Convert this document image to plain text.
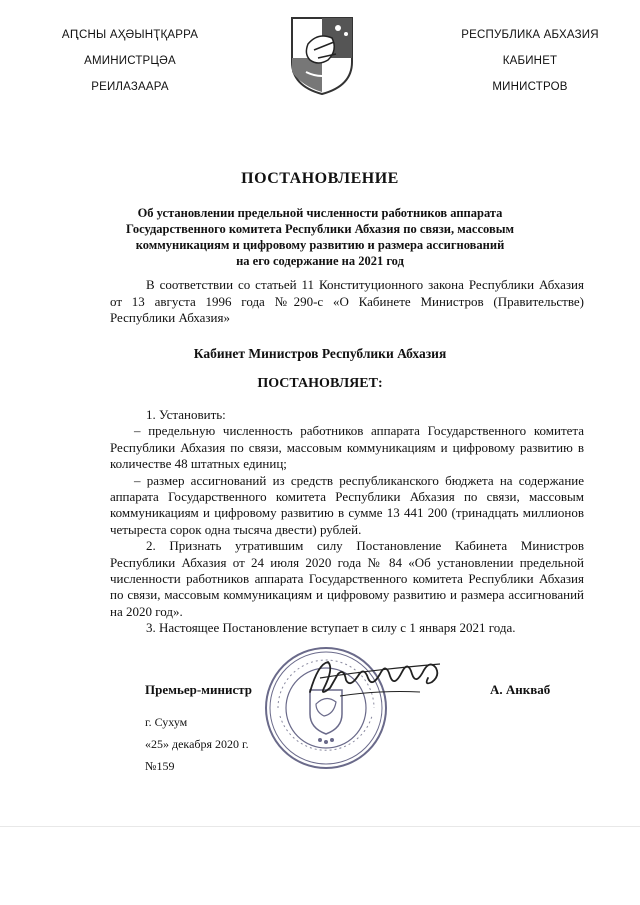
АԤСНЫ АҲӘЫНҬҚАРРА
АМИНИСТРЦӘА
РЕИЛАЗААРА
РЕСПУБЛИКА АБХАЗИЯ
КАБИНЕТ
МИНИСТРОВ
ПОСТАНОВЛЕНИЕ
Об установлении предельной численности работников аппарата
Государственного комитета Республики Абхазия по связи, массовым
коммуникациям и цифровому развитию и размера ассигнований
на его содержание на 2021 год

В соответствии со статьей 11 Конституционного закона Республики Абхазия от 13 августа 1996 года №290-с «О Кабинете Министров (Правительстве) Республики Абхазия»

Кабинет Министров Республики Абхазия
ПОСТАНОВЛЯЕТ:

1. Установить:

– предельную численность работников аппарата Государственного комитета Республики Абхазия по связи, массовым коммуникациям и цифровому развитию в количестве 48 штатных единиц;

– размер ассигнований из средств республиканского бюджета на содержание аппарата Государственного комитета Республики Абхазия по связи, массовым коммуникациям и цифровому развитию в сумме 13 441 200 (тринадцать миллионов четыреста сорок одна тысяча двести) рублей.

2. Признать утратившим силу Постановление Кабинета Министров Республики Абхазия от 24 июля 2020 года № 84 «Об установлении предельной численности работников аппарата Государственного комитета Республики Абхазия по связи, массовым коммуникациям и цифровому развитию и размера ассигнований на 2020 год».

3. Настоящее Постановление вступает в силу с 1 января 2021 года.

Премьер-министр	А. Анкваб
г. Сухум
«25» декабря 2020 г.
№159
